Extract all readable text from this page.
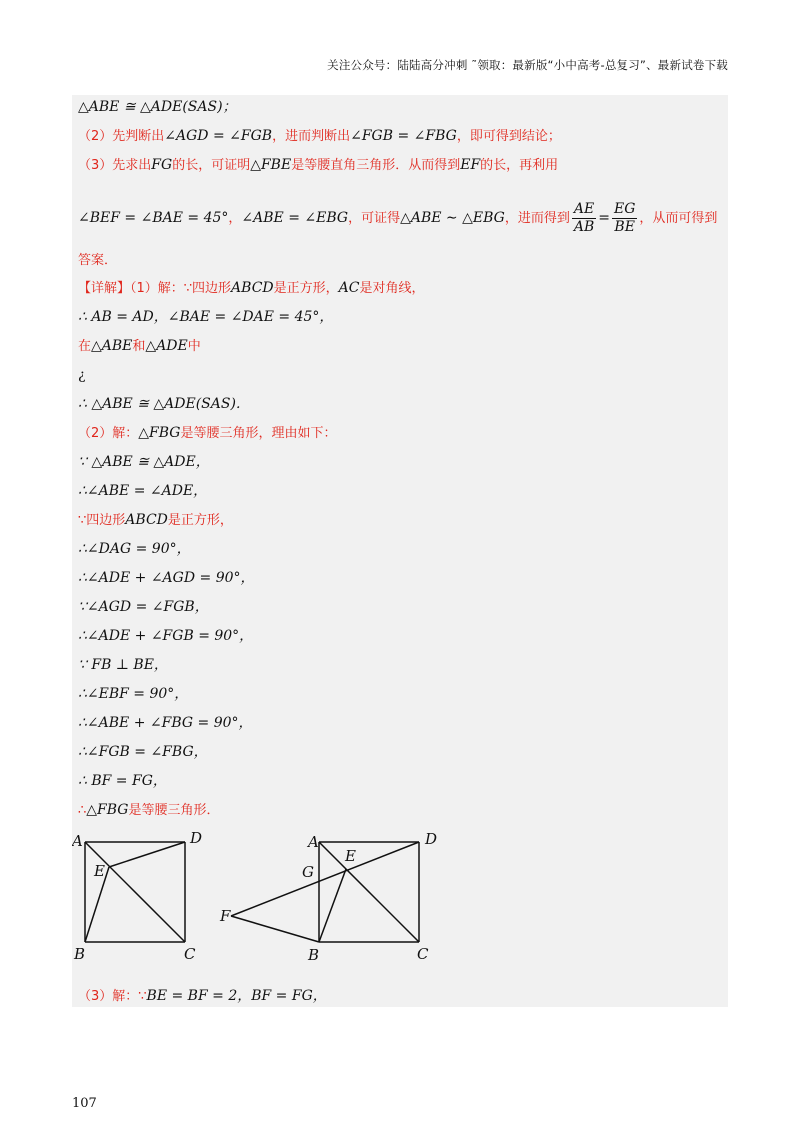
关注公众号：陆陆高分冲刺 ˜领取：最新版“小中高考-总复习”、最新试卷下载
△ABE ≅ △ADE(SAS)；
（2）先判断出∠AGD = ∠FGB，进而判断出∠FGB = ∠FBG，即可得到结论；
（3）先求出FG的长，可证明△FBE是等腰直角三角形．从而得到EF的长，再利用
∠BEF = ∠BAE = 45°，∠ABE = ∠EBG，可证得△ABE ∼ △EBG，进而得到 $\frac{AE}{AB} = \frac{EG}{BE}$ ，从而可得到
答案．
【详解】（1）解：∵四边形ABCD是正方形，AC是对角线，
∴ AB = AD，∠BAE = ∠DAE = 45°，
在△ABE和△ADE中
¿
∴ △ABE ≅ △ADE(SAS)．
（2）解：△FBG是等腰三角形，理由如下：
∵ △ABE ≅ △ADE，
∴∠ABE = ∠ADE，
∵四边形ABCD是正方形，
∴∠DAG = 90°，
∴∠ADE + ∠AGD = 90°，
∵∠AGD = ∠FGB，
∴∠ADE + ∠FGB = 90°，
∵ FB ⊥ BE，
∴∠EBF = 90°，
∴∠ABE + ∠FBG = 90°，
∴∠FGB = ∠FBG，
∴ BF = FG，
∴△FBG是等腰三角形．
A	D
E
B	C
A	D
G
E
F
B	C
（3）解：∵BE = BF = 2，BF = FG，
107
